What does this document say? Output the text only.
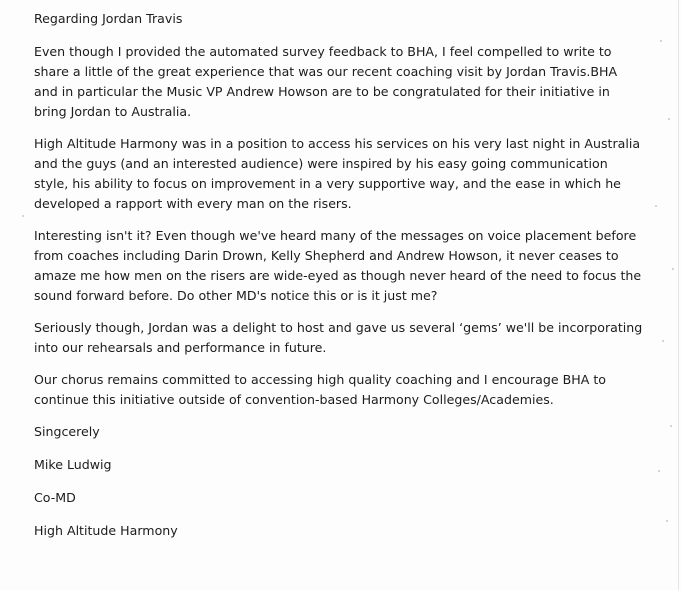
Regarding Jordan Travis

Even though I provided the automated survey feedback to BHA, I feel compelled to write to share a little of the great experience that was our recent coaching visit by Jordan Travis.BHA and in particular the Music VP Andrew Howson are to be congratulated for their initiative in bring Jordan to Australia.

High Altitude Harmony was in a position to access his services on his very last night in Australia and the guys (and an interested audience) were inspired by his easy going communication style, his ability to focus on improvement in a very supportive way, and the ease in which he developed a rapport with every man on the risers.

Interesting isn't it? Even though we've heard many of the messages on voice placement before from coaches including Darin Drown, Kelly Shepherd and Andrew Howson, it never ceases to amaze me how men on the risers are wide-eyed as though never heard of the need to focus the sound forward before. Do other MD's notice this or is it just me?

Seriously though, Jordan was a delight to host and gave us several ‘gems’ we'll be incorporating into our rehearsals and performance in future.

Our chorus remains committed to accessing high quality coaching and I encourage BHA to continue this initiative outside of convention-based Harmony Colleges/Academies.

Singcerely

Mike Ludwig

Co-MD

High Altitude Harmony
